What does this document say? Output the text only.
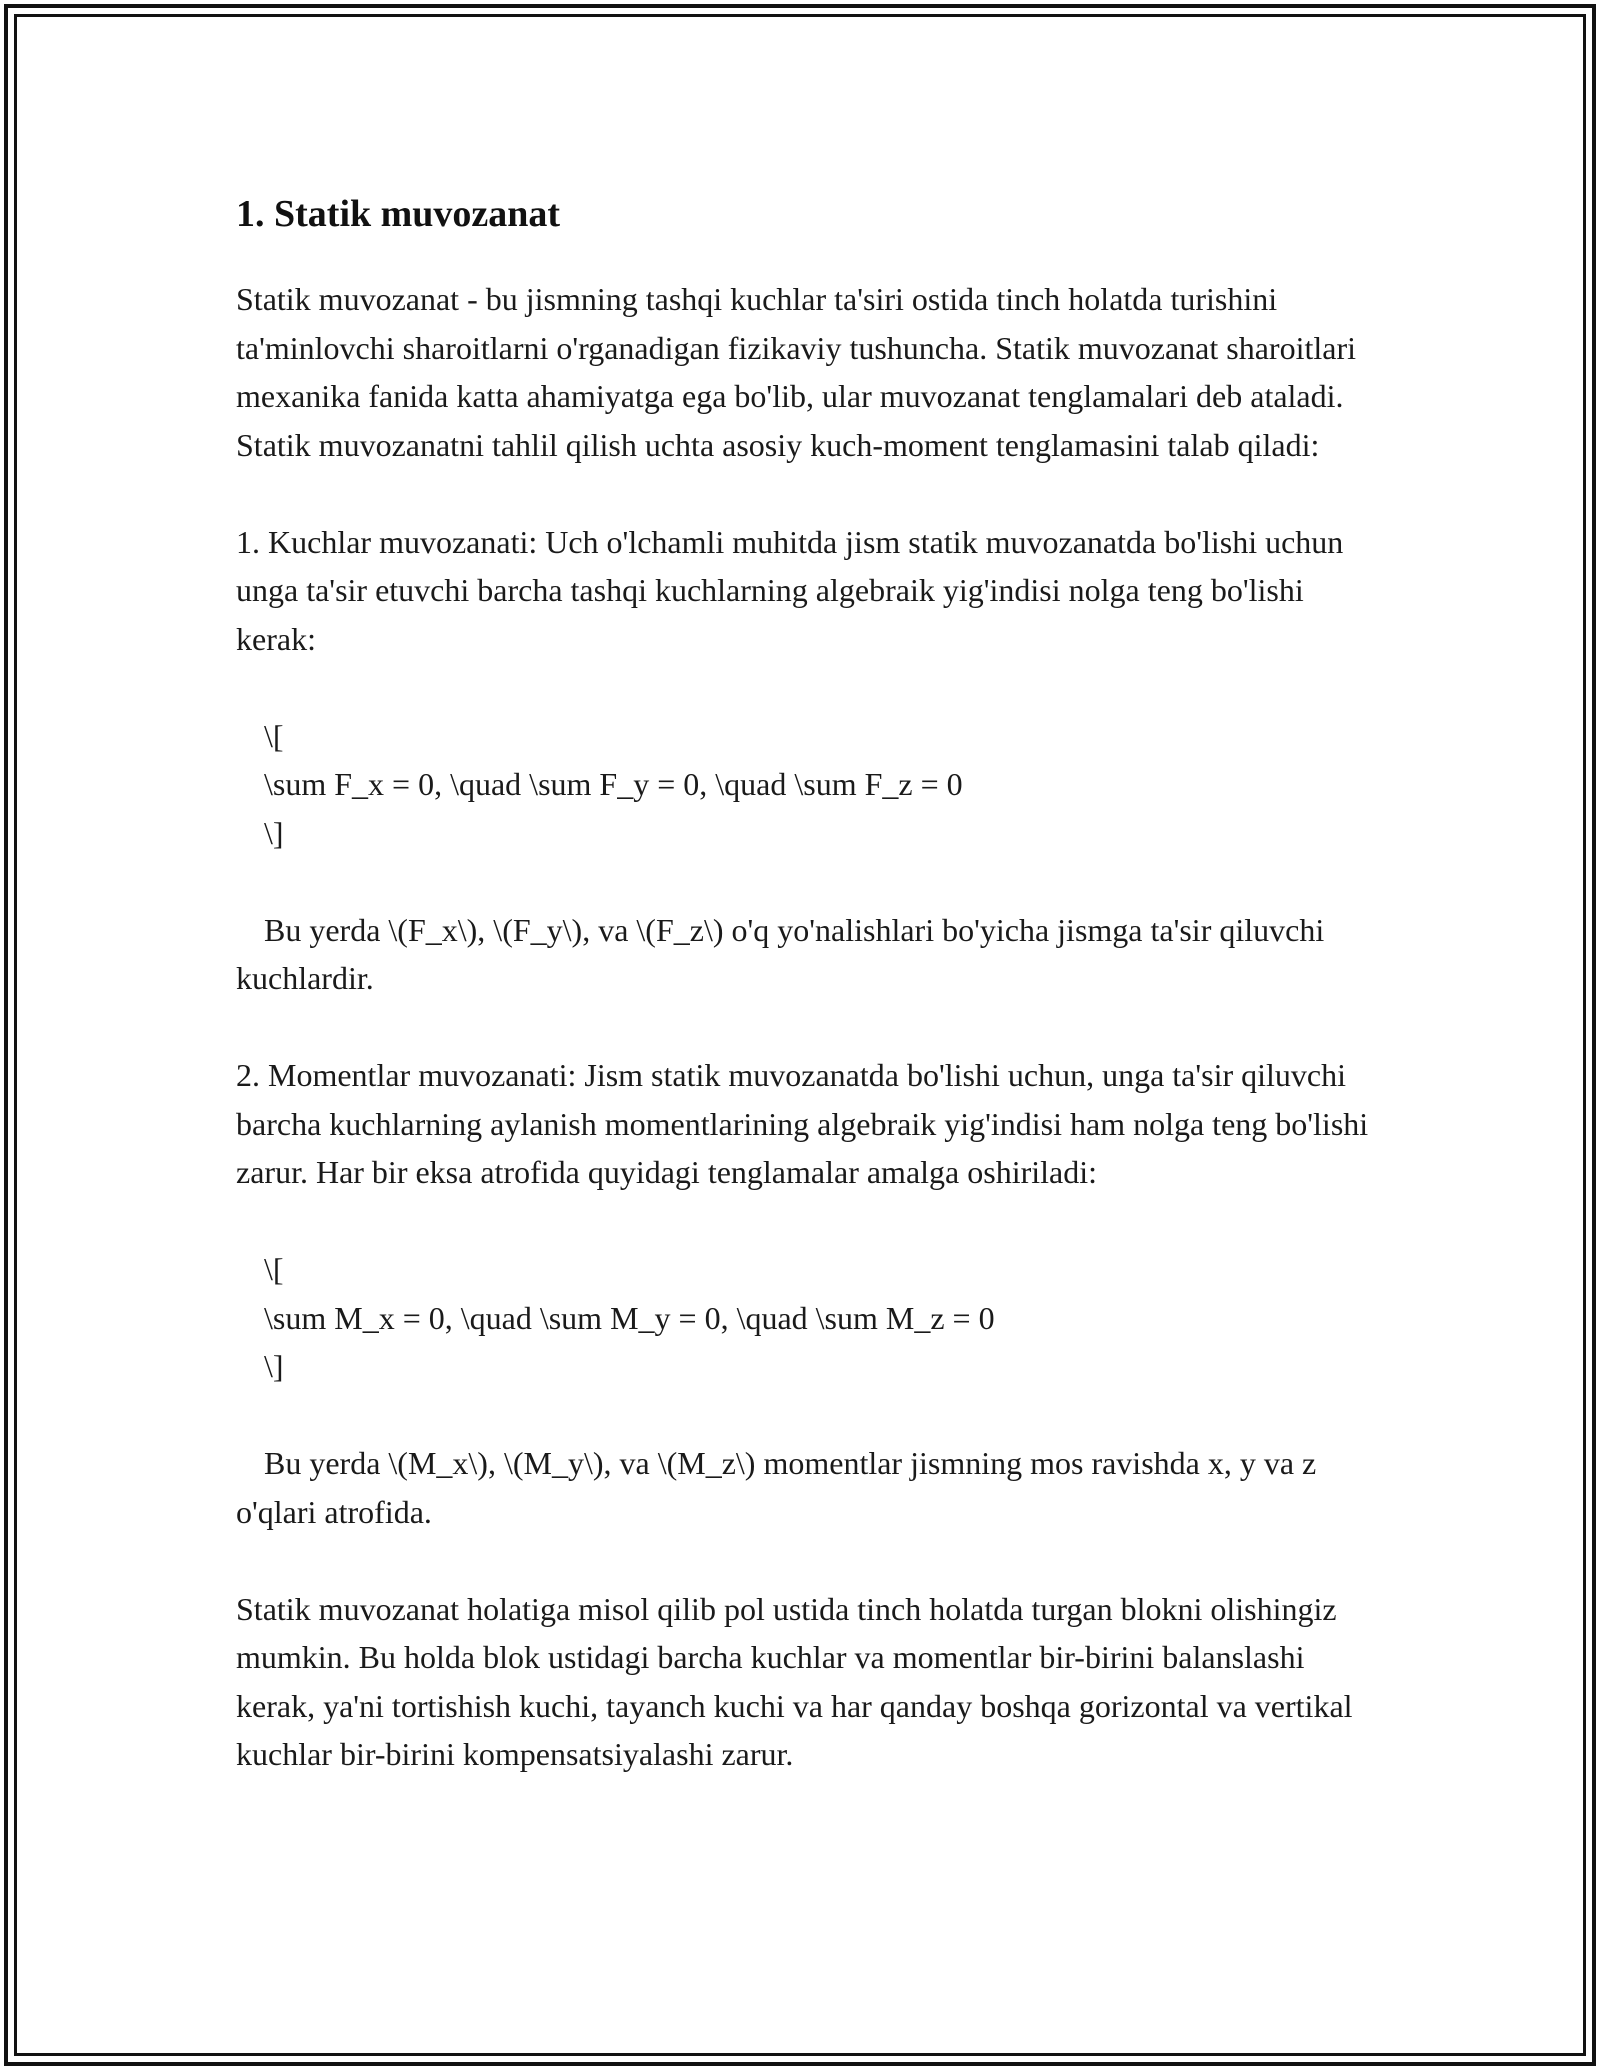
1. Statik muvozanat

Statik muvozanat - bu jismning tashqi kuchlar ta'siri ostida tinch holatda turishini ta'minlovchi sharoitlarni o'rganadigan fizikaviy tushuncha. Statik muvozanat sharoitlari mexanika fanida katta ahamiyatga ega bo'lib, ular muvozanat tenglamalari deb ataladi. Statik muvozanatni tahlil qilish uchta asosiy kuch-moment tenglamasini talab qiladi:

1. Kuchlar muvozanati: Uch o'lchamli muhitda jism statik muvozanatda bo'lishi uchun unga ta'sir etuvchi barcha tashqi kuchlarning algebraik yig'indisi nolga teng bo'lishi kerak:

\[

\sum F_x = 0, \quad \sum F_y = 0, \quad \sum F_z = 0

\]

Bu yerda \(F_x\), \(F_y\), va \(F_z\) o'q yo'nalishlari bo'yicha jismga ta'sir qiluvchi kuchlardir.

2. Momentlar muvozanati: Jism statik muvozanatda bo'lishi uchun, unga ta'sir qiluvchi barcha kuchlarning aylanish momentlarining algebraik yig'indisi ham nolga teng bo'lishi zarur. Har bir eksa atrofida quyidagi tenglamalar amalga oshiriladi:

\[

\sum M_x = 0, \quad \sum M_y = 0, \quad \sum M_z = 0

\]

Bu yerda \(M_x\), \(M_y\), va \(M_z\) momentlar jismning mos ravishda x, y va z o'qlari atrofida.

Statik muvozanat holatiga misol qilib pol ustida tinch holatda turgan blokni olishingiz mumkin. Bu holda blok ustidagi barcha kuchlar va momentlar bir-birini balanslashi kerak, ya'ni tortishish kuchi, tayanch kuchi va har qanday boshqa gorizontal va vertikal kuchlar bir-birini kompensatsiyalashi zarur.
